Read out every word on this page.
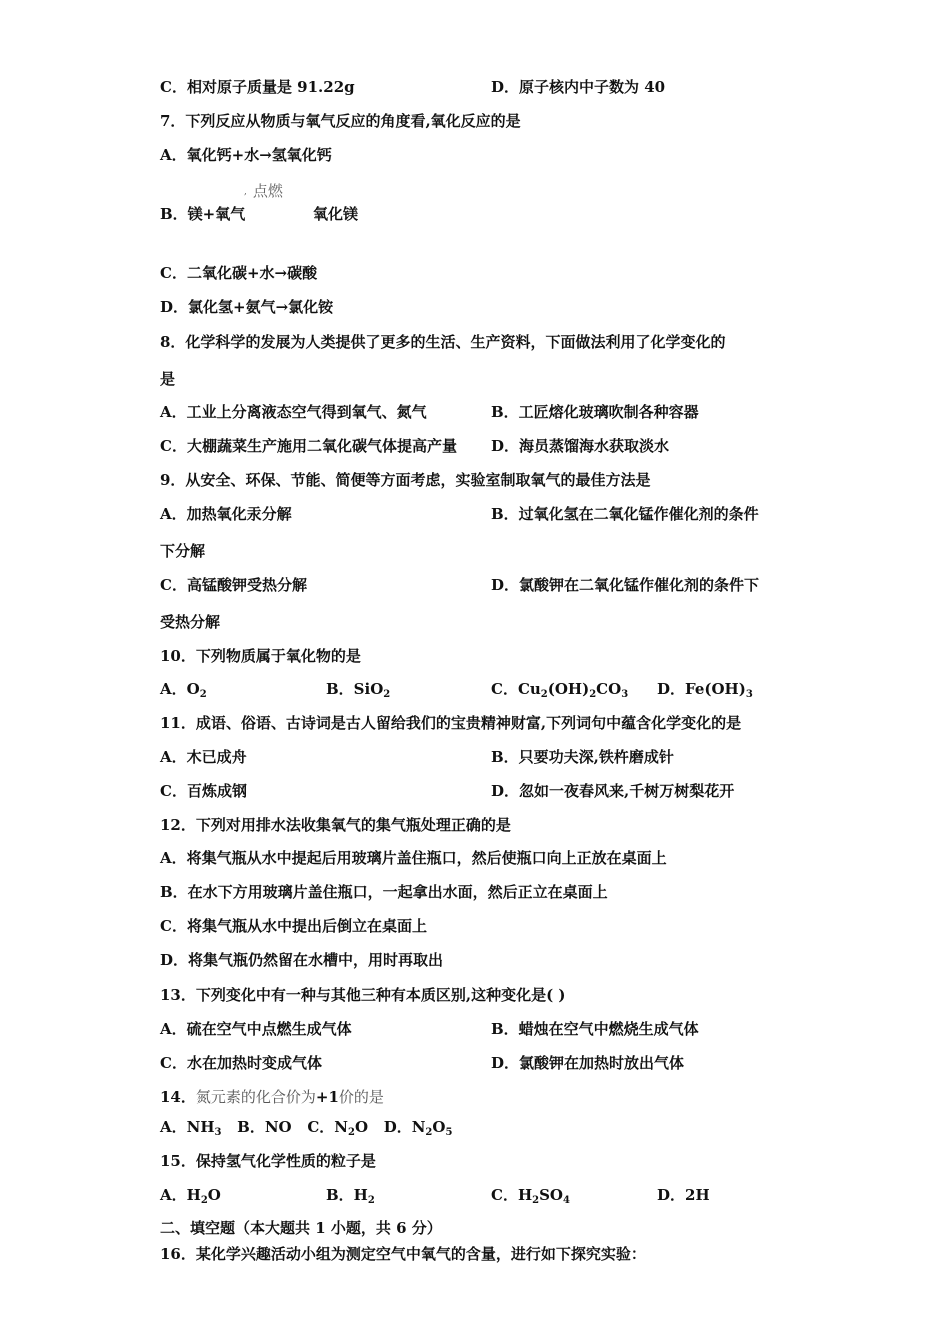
C．相对原子质量是 91.22g	D．原子核内中子数为 40
7．下列反应从物质与氧气反应的角度看,氧化反应的是
A．氧化钙+水→氢氧化钙
, 点燃
B．镁+氧气	氧化镁
C．二氧化碳+水→碳酸
D．氯化氢+氨气→氯化铵
8．化学科学的发展为人类提供了更多的生活、生产资料，下面做法利用了化学变化的
是
A．工业上分离液态空气得到氧气、氮气	B．工匠熔化玻璃吹制各种容器
C．大棚蔬菜生产施用二氧化碳气体提高产量 D．海员蒸馏海水获取淡水
9．从安全、环保、节能、简便等方面考虑，实验室制取氧气的最佳方法是
A．加热氧化汞分解	B．过氧化氢在二氧化锰作催化剂的条件
下分解
C．高锰酸钾受热分解	D．氯酸钾在二氧化锰作催化剂的条件下
受热分解
10．下列物质属于氧化物的是
A．$O_2$	B．SiO$_2$	C．$Cu_2(OH)_2CO_3$ D．$Fe(OH)_3$
11．成语、俗语、古诗词是古人留给我们的宝贵精神财富,下列词句中蕴含化学变化的是
A．木已成舟	B．只要功夫深,铁杵磨成针
C．百炼成钢	D．忽如一夜春风来,千树万树梨花开
12．下列对用排水法收集氧气的集气瓶处理正确的是
A．将集气瓶从水中提起后用玻璃片盖住瓶口，然后使瓶口向上正放在桌面上
B．在水下方用玻璃片盖住瓶口，一起拿出水面，然后正立在桌面上
C．将集气瓶从水中提出后倒立在桌面上
D．将集气瓶仍然留在水槽中，用时再取出
13．下列变化中有一种与其他三种有本质区别,这种变化是( )
A．硫在空气中点燃生成气体	B．蜡烛在空气中燃烧生成气体
C．水在加热时变成气体	D．氯酸钾在加热时放出气体
14．氮元素的化合价为+1价的是
A．$NH_3$ B．NO C．$N_2O$ D．$N_2O_5$
15．保持氢气化学性质的粒子是
A．$H_2O$	B．$H_2$	C．$H_2SO_4$	D．2H
二、填空题（本大题共 1 小题，共 6 分）
16．某化学兴趣活动小组为测定空气中氧气的含量，进行如下探究实验：
